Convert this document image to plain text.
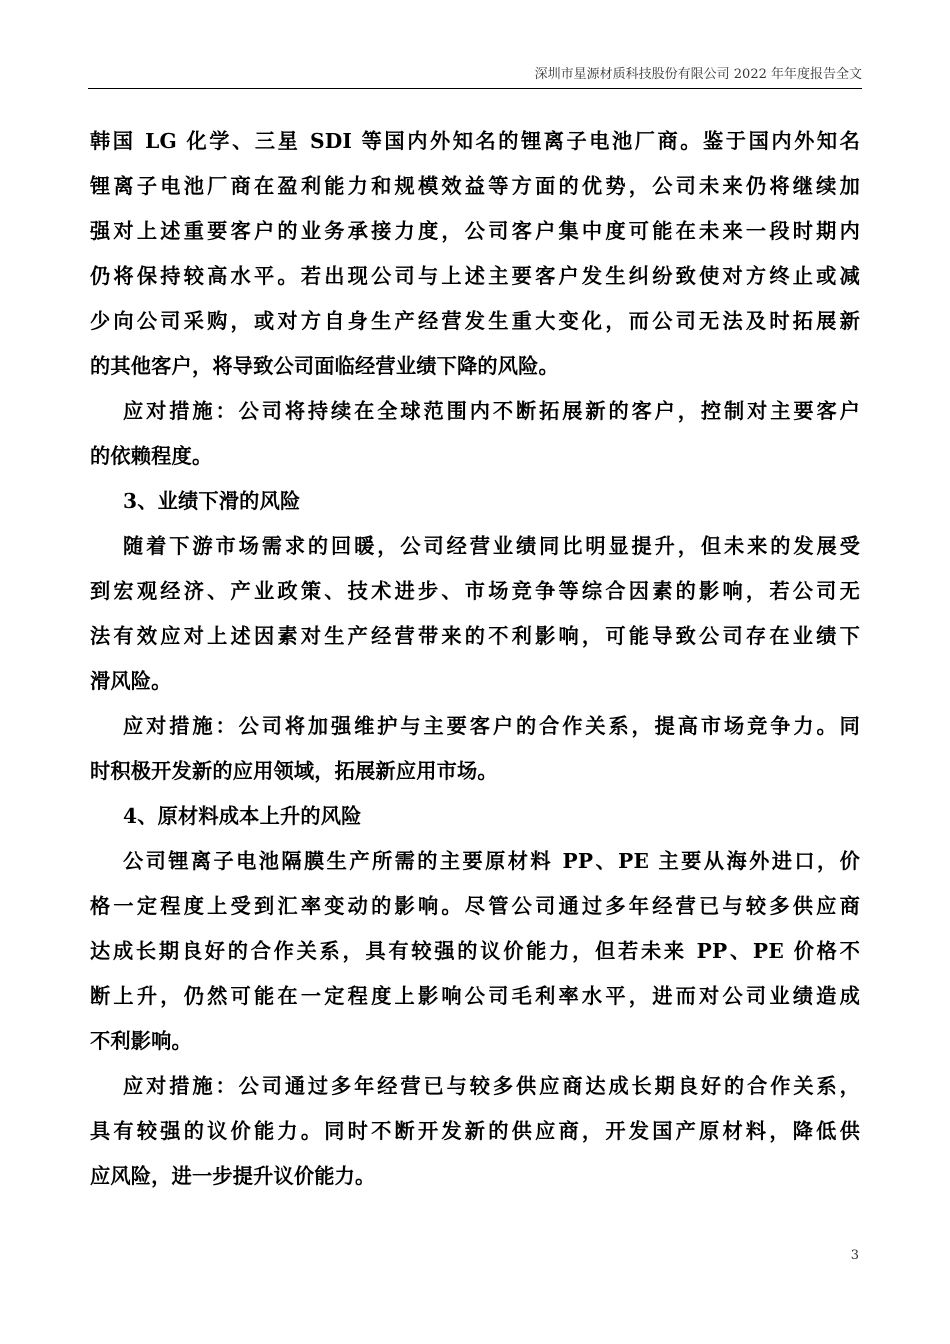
深圳市星源材质科技股份有限公司 2022 年年度报告全文
韩国 LG 化学、三星 SDI 等国内外知名的锂离子电池厂商。鉴于国内外知名
锂离子电池厂商在盈利能力和规模效益等方面的优势，公司未来仍将继续加
强对上述重要客户的业务承接力度，公司客户集中度可能在未来一段时期内
仍将保持较高水平。若出现公司与上述主要客户发生纠纷致使对方终止或减
少向公司采购，或对方自身生产经营发生重大变化，而公司无法及时拓展新
的其他客户，将导致公司面临经营业绩下降的风险。
应对措施：公司将持续在全球范围内不断拓展新的客户，控制对主要客户
的依赖程度。
3、业绩下滑的风险
随着下游市场需求的回暖，公司经营业绩同比明显提升，但未来的发展受
到宏观经济、产业政策、技术进步、市场竞争等综合因素的影响，若公司无
法有效应对上述因素对生产经营带来的不利影响，可能导致公司存在业绩下
滑风险。
应对措施：公司将加强维护与主要客户的合作关系，提高市场竞争力。同
时积极开发新的应用领域，拓展新应用市场。
4、原材料成本上升的风险
公司锂离子电池隔膜生产所需的主要原材料 PP、PE 主要从海外进口，价
格一定程度上受到汇率变动的影响。尽管公司通过多年经营已与较多供应商
达成长期良好的合作关系，具有较强的议价能力，但若未来 PP、PE 价格不
断上升，仍然可能在一定程度上影响公司毛利率水平，进而对公司业绩造成
不利影响。
应对措施：公司通过多年经营已与较多供应商达成长期良好的合作关系，
具有较强的议价能力。同时不断开发新的供应商，开发国产原材料，降低供
应风险，进一步提升议价能力。
3
